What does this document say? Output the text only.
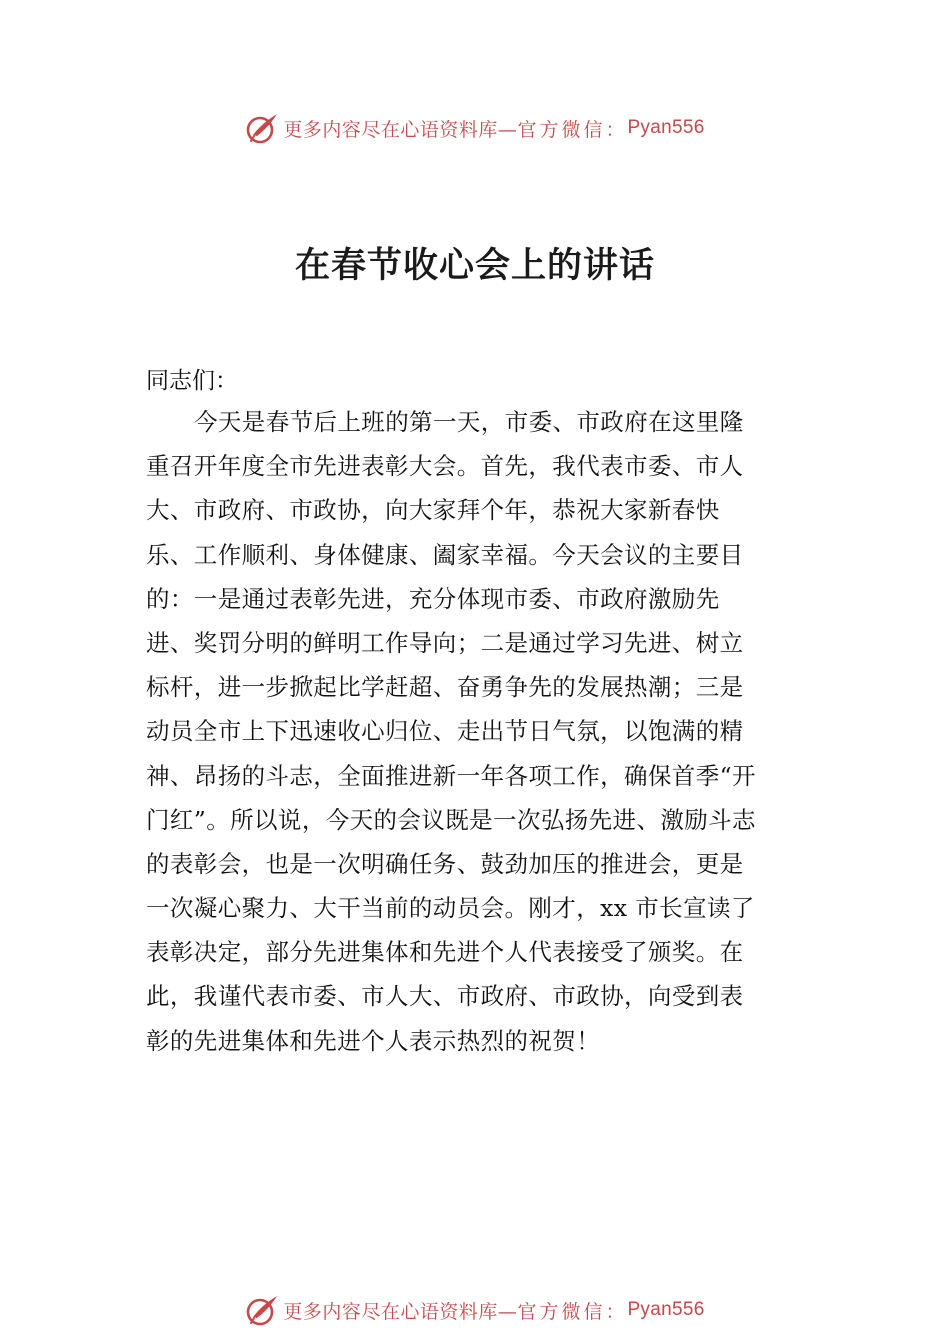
更多内容尽在心语资料库— 官方微信： Pyan556
在春节收心会上的讲话

同志们：

今天是春节后上班的第一天，市委、市政府在这里隆
重召开年度全市先进表彰大会。首先，我代表市委、市人
大、市政府、市政协，向大家拜个年，恭祝大家新春快
乐、工作顺利、身体健康、阖家幸福。今天会议的主要目
的：一是通过表彰先进，充分体现市委、市政府激励先
进、奖罚分明的鲜明工作导向；二是通过学习先进、树立
标杆，进一步掀起比学赶超、奋勇争先的发展热潮；三是
动员全市上下迅速收心归位、走出节日气氛，以饱满的精
神、昂扬的斗志，全面推进新一年各项工作，确保首季“开
门红”。所以说，今天的会议既是一次弘扬先进、激励斗志
的表彰会，也是一次明确任务、鼓劲加压的推进会，更是
一次凝心聚力、大干当前的动员会。刚才，xx 市长宣读了
表彰决定，部分先进集体和先进个人代表接受了颁奖。在
此，我谨代表市委、市人大、市政府、市政协，向受到表
彰的先进集体和先进个人表示热烈的祝贺！
更多内容尽在心语资料库— 官方微信： Pyan556
